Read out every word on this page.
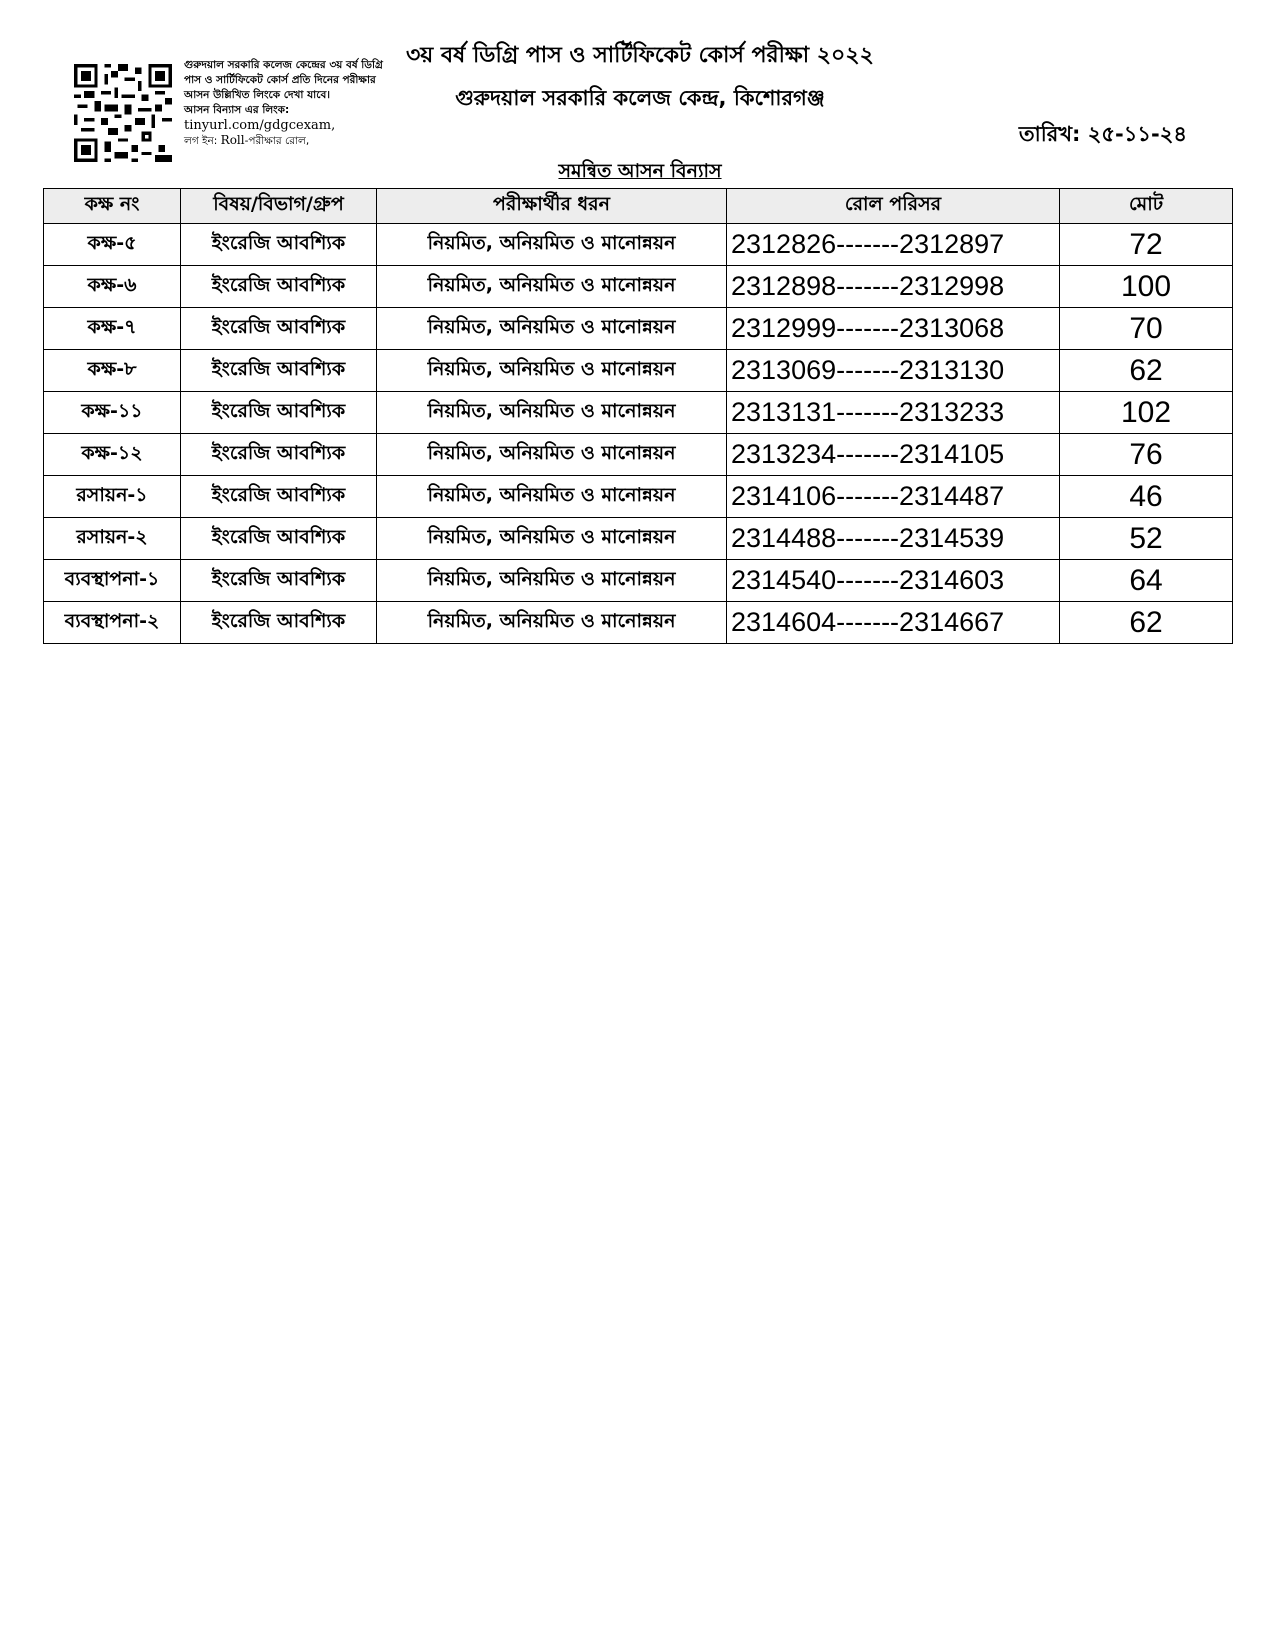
গুরুদয়াল সরকারি কলেজ কেন্দ্রের ৩য় বর্ষ ডিগ্রি পাস ও সার্টিফিকেট কোর্স প্রতি দিনের পরীক্ষার আসন উল্লিখিত লিংকে দেখা যাবে।
আসন বিন্যাস এর লিংক:
tinyurl.com/gdgcexam,
লগ ইন: Roll-পরীক্ষার রোল,
৩য় বর্ষ ডিগ্রি পাস ও সার্টিফিকেট কোর্স পরীক্ষা ২০২২
গুরুদয়াল সরকারি কলেজ কেন্দ্র, কিশোরগঞ্জ
তারিখ: ২৫-১১-২৪
সমন্বিত আসন বিন্যাস
কক্ষ নং	বিষয়/বিভাগ/গ্রুপ	পরীক্ষার্থীর ধরন	রোল পরিসর	মোট
কক্ষ-৫	ইংরেজি আবশ্যিক	নিয়মিত, অনিয়মিত ও মানোন্নয়ন	2312826-------2312897	72
কক্ষ-৬	ইংরেজি আবশ্যিক	নিয়মিত, অনিয়মিত ও মানোন্নয়ন	2312898-------2312998	100
কক্ষ-৭	ইংরেজি আবশ্যিক	নিয়মিত, অনিয়মিত ও মানোন্নয়ন	2312999-------2313068	70
কক্ষ-৮	ইংরেজি আবশ্যিক	নিয়মিত, অনিয়মিত ও মানোন্নয়ন	2313069-------2313130	62
কক্ষ-১১	ইংরেজি আবশ্যিক	নিয়মিত, অনিয়মিত ও মানোন্নয়ন	2313131-------2313233	102
কক্ষ-১২	ইংরেজি আবশ্যিক	নিয়মিত, অনিয়মিত ও মানোন্নয়ন	2313234-------2314105	76
রসায়ন-১	ইংরেজি আবশ্যিক	নিয়মিত, অনিয়মিত ও মানোন্নয়ন	2314106-------2314487	46
রসায়ন-২	ইংরেজি আবশ্যিক	নিয়মিত, অনিয়মিত ও মানোন্নয়ন	2314488-------2314539	52
ব্যবস্থাপনা-১	ইংরেজি আবশ্যিক	নিয়মিত, অনিয়মিত ও মানোন্নয়ন	2314540-------2314603	64
ব্যবস্থাপনা-২	ইংরেজি আবশ্যিক	নিয়মিত, অনিয়মিত ও মানোন্নয়ন	2314604-------2314667	62
